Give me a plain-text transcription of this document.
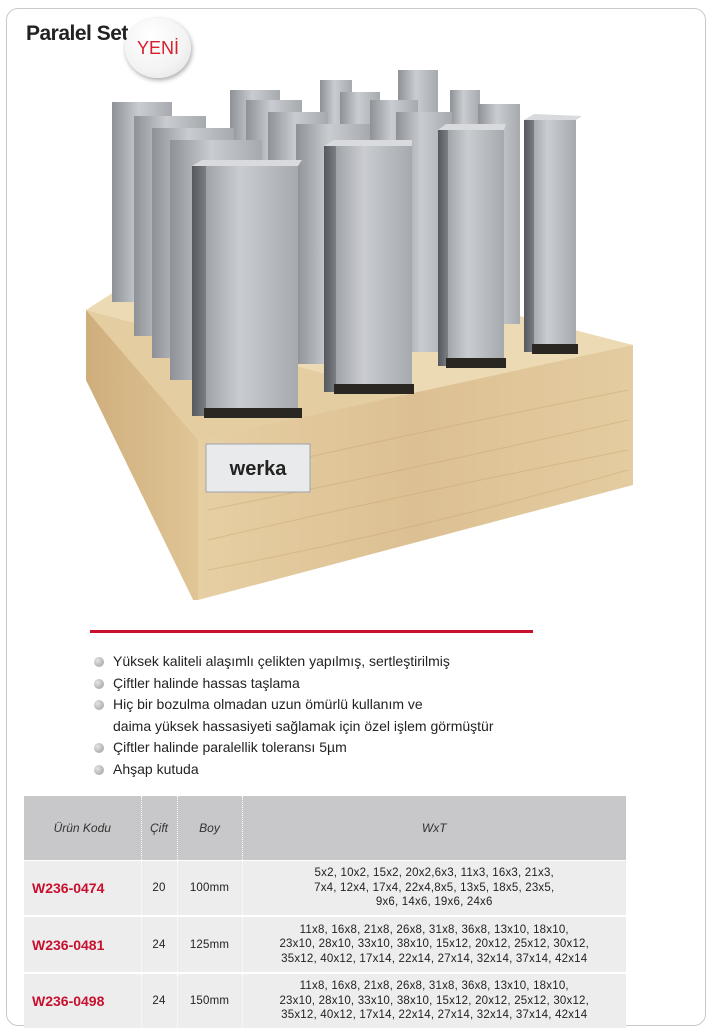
Paralel Set
YENİ
werka
Yüksek kaliteli alaşımlı çelikten yapılmış, sertleştirilmiş
Çiftler halinde hassas taşlama
Hiç bir bozulma olmadan uzun ömürlü kullanım ve
daima yüksek hassasiyeti sağlamak için özel işlem görmüştür
Çiftler halinde paralellik toleransı 5µm
Ahşap kutuda
Ürün Kodu	Çift	Boy	WxT
W236-0474	20	100mm	5x2, 10x2, 15x2, 20x2,6x3, 11x3, 16x3, 21x3,
7x4, 12x4, 17x4, 22x4,8x5, 13x5, 18x5, 23x5,
9x6, 14x6, 19x6, 24x6

W236-0481	24	125mm	11x8, 16x8, 21x8, 26x8, 31x8, 36x8, 13x10, 18x10,
23x10, 28x10, 33x10, 38x10, 15x12, 20x12, 25x12, 30x12,
35x12, 40x12, 17x14, 22x14, 27x14, 32x14, 37x14, 42x14

W236-0498	24	150mm	11x8, 16x8, 21x8, 26x8, 31x8, 36x8, 13x10, 18x10,
23x10, 28x10, 33x10, 38x10, 15x12, 20x12, 25x12, 30x12,
35x12, 40x12, 17x14, 22x14, 27x14, 32x14, 37x14, 42x14
